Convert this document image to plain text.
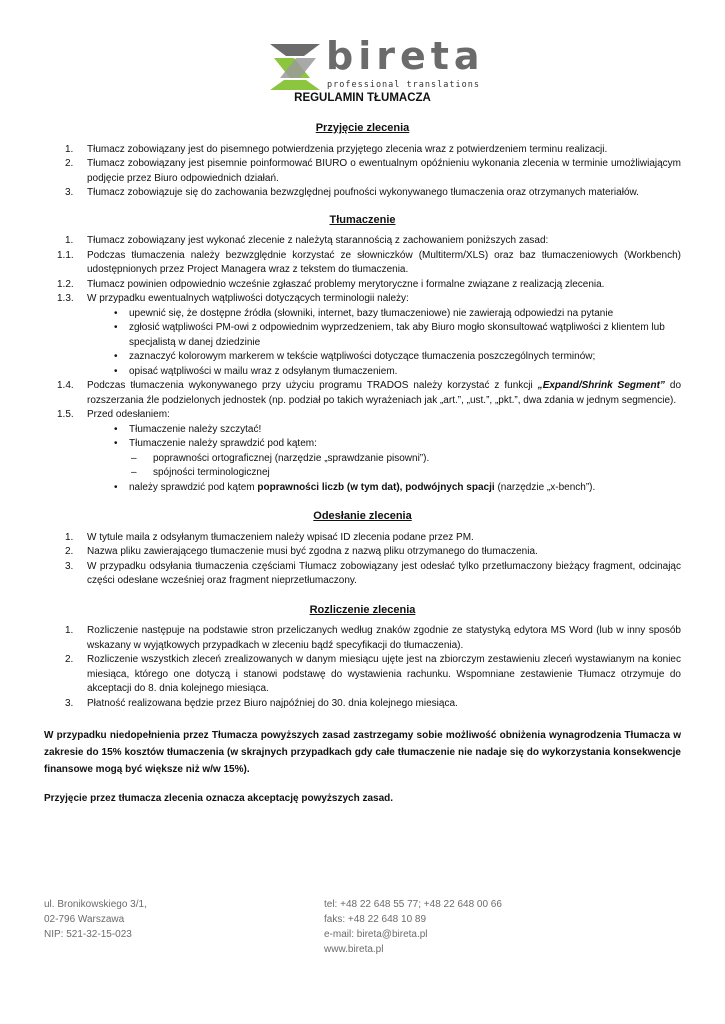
bireta
professional translations
REGULAMIN TŁUMACZA
Przyjęcie zlecenia
1.	Tłumacz zobowiązany jest do pisemnego potwierdzenia przyjętego zlecenia wraz z potwierdzeniem terminu realizacji.
2.	Tłumacz zobowiązany jest pisemnie poinformować BIURO o ewentualnym opóźnieniu wykonania zlecenia w terminie umożliwiającym podjęcie przez Biuro odpowiednich działań.
3.	Tłumacz zobowiązuje się do zachowania bezwzględnej poufności wykonywanego tłumaczenia oraz otrzymanych materiałów.
Tłumaczenie
1.	Tłumacz zobowiązany jest wykonać zlecenie z należytą starannością z zachowaniem poniższych zasad:
1.1.	Podczas tłumaczenia należy bezwzględnie korzystać ze słowniczków (Multiterm/XLS) oraz baz tłumaczeniowych (Workbench) udostępnionych przez Project Managera wraz z tekstem do tłumaczenia.
1.2.	Tłumacz powinien odpowiednio wcześnie zgłaszać problemy merytoryczne i formalne związane z realizacją zlecenia.
1.3.	W przypadku ewentualnych wątpliwości dotyczących terminologii należy:
•	upewnić się, że dostępne źródła (słowniki, internet, bazy tłumaczeniowe) nie zawierają odpowiedzi na pytanie
•	zgłosić wątpliwości PM-owi z odpowiednim wyprzedzeniem, tak aby Biuro mogło skonsultować wątpliwości z klientem lub specjalistą w danej dziedzinie
•	zaznaczyć kolorowym markerem w tekście wątpliwości dotyczące tłumaczenia poszczególnych terminów;
•	opisać wątpliwości w mailu wraz z odsyłanym tłumaczeniem.
1.4.	Podczas tłumaczenia wykonywanego przy użyciu programu TRADOS należy korzystać z funkcji „Expand/Shrink Segment” do rozszerzania źle podzielonych jednostek (np. podział po takich wyrażeniach jak „art.”, „ust.”, „pkt.”, dwa zdania w jednym segmencie).
1.5.	Przed odesłaniem:
•	Tłumaczenie należy szczytać!
•	Tłumaczenie należy sprawdzić pod kątem:
–	poprawności ortograficznej (narzędzie „sprawdzanie pisowni”).
–	spójności terminologicznej
•	należy sprawdzić pod kątem poprawności liczb (w tym dat), podwójnych spacji (narzędzie „x-bench”).
Odesłanie zlecenia
1.	W tytule maila z odsyłanym tłumaczeniem należy wpisać ID zlecenia podane przez PM.
2.	Nazwa pliku zawierającego tłumaczenie musi być zgodna z nazwą pliku otrzymanego do tłumaczenia.
3.	W przypadku odsyłania tłumaczenia częściami Tłumacz zobowiązany jest odesłać tylko przetłumaczony bieżący fragment, odcinając części odesłane wcześniej oraz fragment nieprzetłumaczony.
Rozliczenie zlecenia
1.	Rozliczenie następuje na podstawie stron przeliczanych według znaków zgodnie ze statystyką edytora MS Word (lub w inny sposób wskazany w wyjątkowych przypadkach w zleceniu bądź specyfikacji do tłumaczenia).
2.	Rozliczenie wszystkich zleceń zrealizowanych w danym miesiącu ujęte jest na zbiorczym zestawieniu zleceń wystawianym na koniec miesiąca, którego one dotyczą i stanowi podstawę do wystawienia rachunku. Wspomniane zestawienie Tłumacz otrzymuje do akceptacji do 8. dnia kolejnego miesiąca.
3.	Płatność realizowana będzie przez Biuro najpóźniej do 30. dnia kolejnego miesiąca.

W przypadku niedopełnienia przez Tłumacza powyższych zasad zastrzegamy sobie możliwość obniżenia wynagrodzenia Tłumacza w zakresie do 15% kosztów tłumaczenia (w skrajnych przypadkach gdy całe tłumaczenie nie nadaje się do wykorzystania konsekwencje finansowe mogą być większe niż w/w 15%).

Przyjęcie przez tłumacza zlecenia oznacza akceptację powyższych zasad.

ul. Bronikowskiego 3/1,
02-796 Warszawa
NIP: 521-32-15-023
tel: +48 22 648 55 77; +48 22 648 00 66
faks: +48 22 648 10 89
e-mail: bireta@bireta.pl
www.bireta.pl
